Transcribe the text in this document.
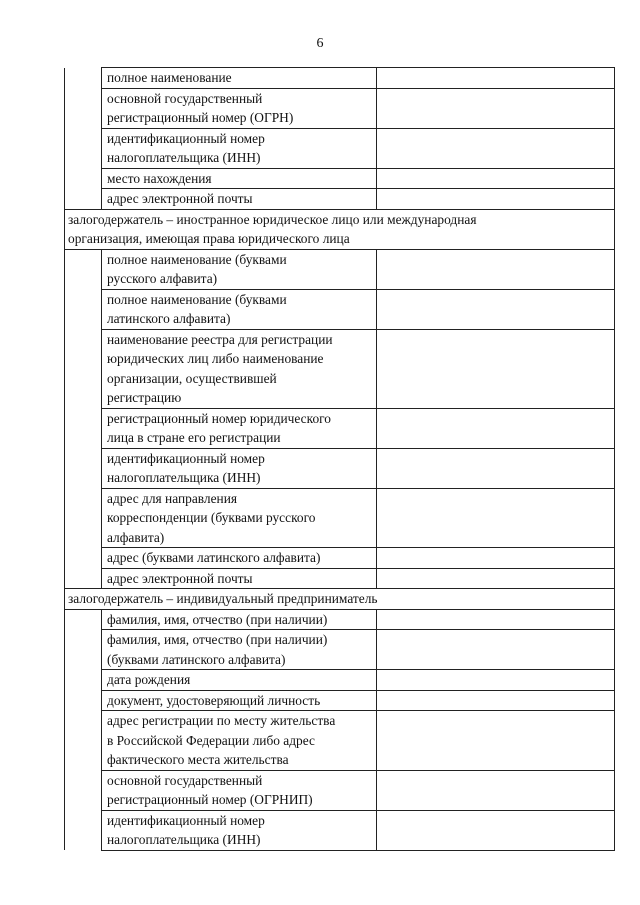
6
	полное наименование	
	основной государственный
регистрационный номер (ОГРН)	
	идентификационный номер
налогоплательщика (ИНН)	
	место нахождения	
	адрес электронной почты	
залогодержатель – иностранное юридическое лицо или международная
организация, имеющая права юридического лица		
	полное наименование (буквами
русского алфавита)	
	полное наименование (буквами
латинского алфавита)	
	наименование реестра для регистрации
юридических лиц либо наименование
организации, осуществившей
регистрацию	
	регистрационный номер юридического
лица в стране его регистрации	
	идентификационный номер
налогоплательщика (ИНН)	
	адрес для направления
корреспонденции (буквами русского
алфавита)	
	адрес (буквами латинского алфавита)	
	адрес электронной почты	
залогодержатель – индивидуальный предприниматель		
	фамилия, имя, отчество (при наличии)	
	фамилия, имя, отчество (при наличии)
(буквами латинского алфавита)	
	дата рождения	
	документ, удостоверяющий личность	
	адрес регистрации по месту жительства
в Российской Федерации либо адрес
фактического места жительства	
	основной государственный
регистрационный номер (ОГРНИП)	
	идентификационный номер
налогоплательщика (ИНН)	
